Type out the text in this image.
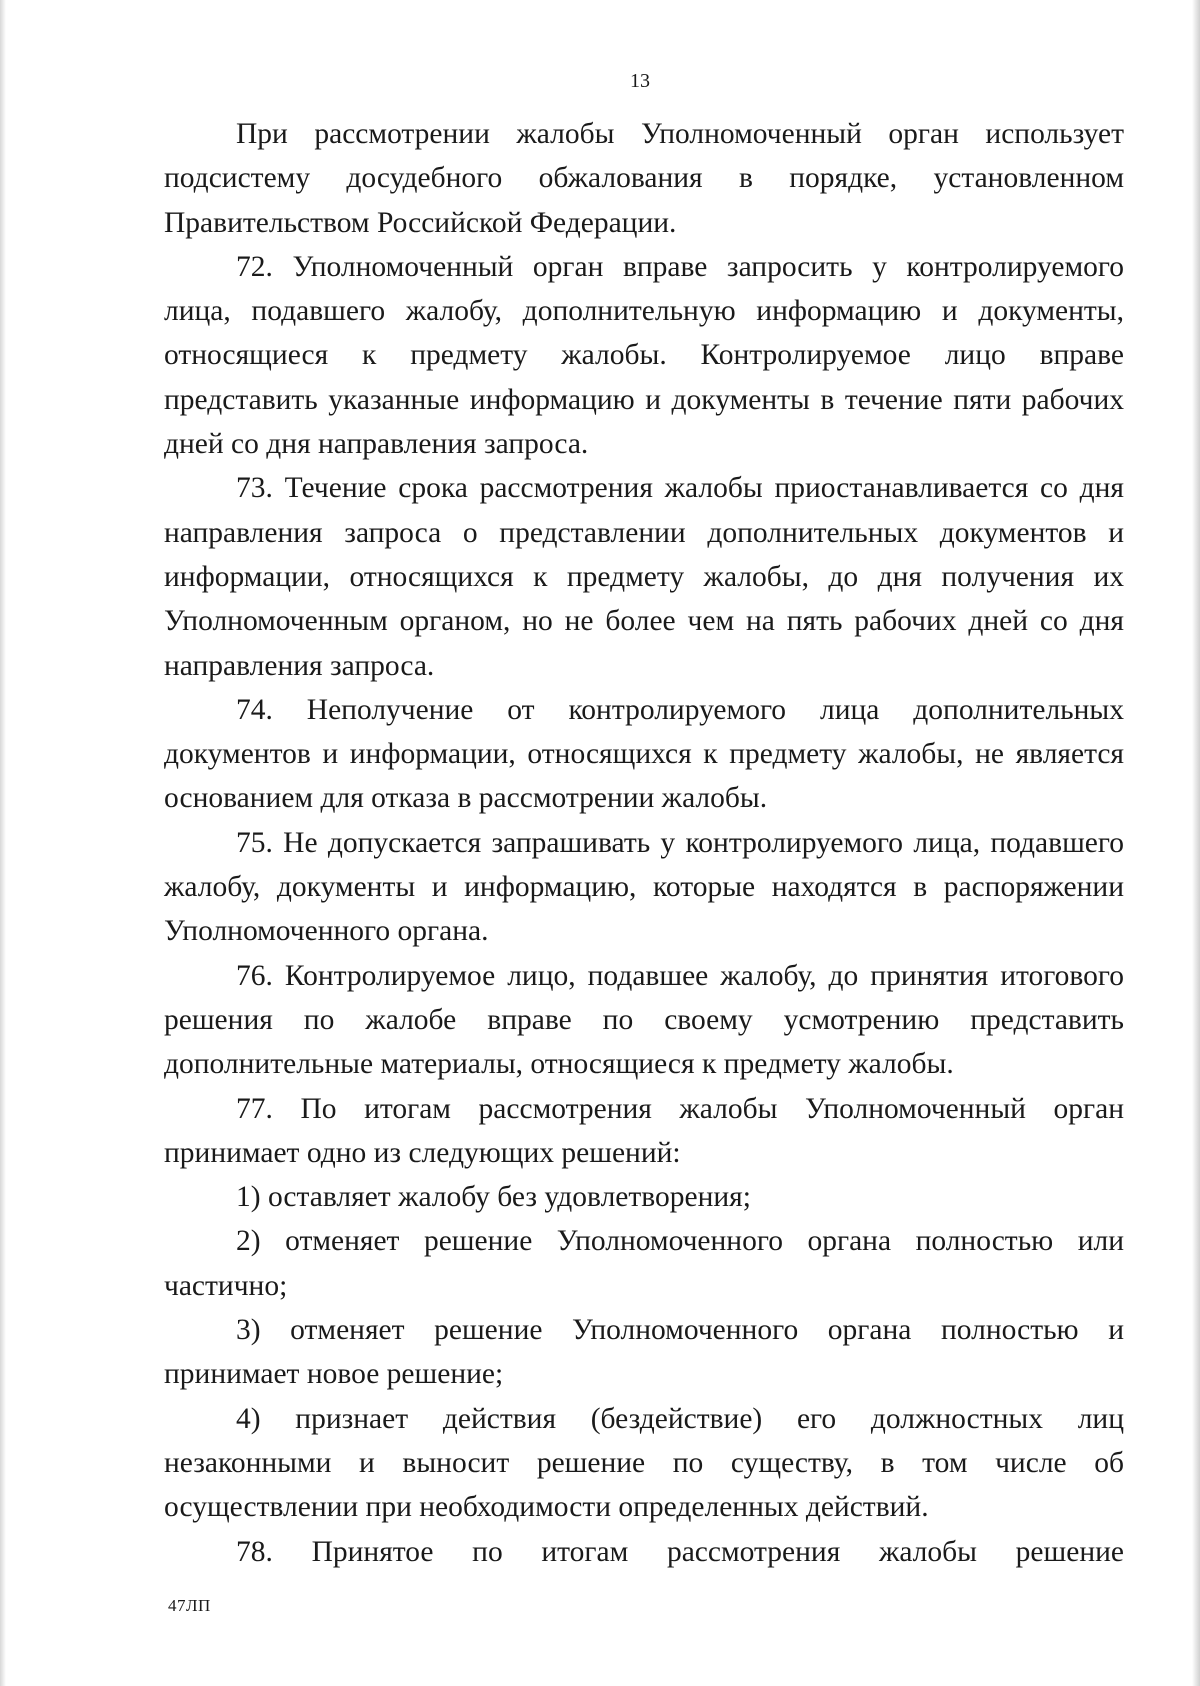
13

При рассмотрении жалобы Уполномоченный орган использует подсистему досудебного обжалования в порядке, установленном Правительством Российской Федерации.

72. Уполномоченный орган вправе запросить у контролируемого лица, подавшего жалобу, дополнительную информацию и документы, относящиеся к предмету жалобы. Контролируемое лицо вправе представить указанные информацию и документы в течение пяти рабочих дней со дня направления запроса.

73. Течение срока рассмотрения жалобы приостанавливается со дня направления запроса о представлении дополнительных документов и информации, относящихся к предмету жалобы, до дня получения их Уполномоченным органом, но не более чем на пять рабочих дней со дня направления запроса.

74. Неполучение от контролируемого лица дополнительных документов и информации, относящихся к предмету жалобы, не является основанием для отказа в рассмотрении жалобы.

75. Не допускается запрашивать у контролируемого лица, подавшего жалобу, документы и информацию, которые находятся в распоряжении Уполномоченного органа.

76. Контролируемое лицо, подавшее жалобу, до принятия итогового решения по жалобе вправе по своему усмотрению представить дополнительные материалы, относящиеся к предмету жалобы.

77. По итогам рассмотрения жалобы Уполномоченный орган принимает одно из следующих решений:

1) оставляет жалобу без удовлетворения;

2) отменяет решение Уполномоченного органа полностью или частично;

3) отменяет решение Уполномоченного органа полностью и принимает новое решение;

4) признает действия (бездействие) его должностных лиц незаконными и выносит решение по существу, в том числе об осуществлении при необходимости определенных действий.

78. Принятое по итогам рассмотрения жалобы решение

47ЛП
